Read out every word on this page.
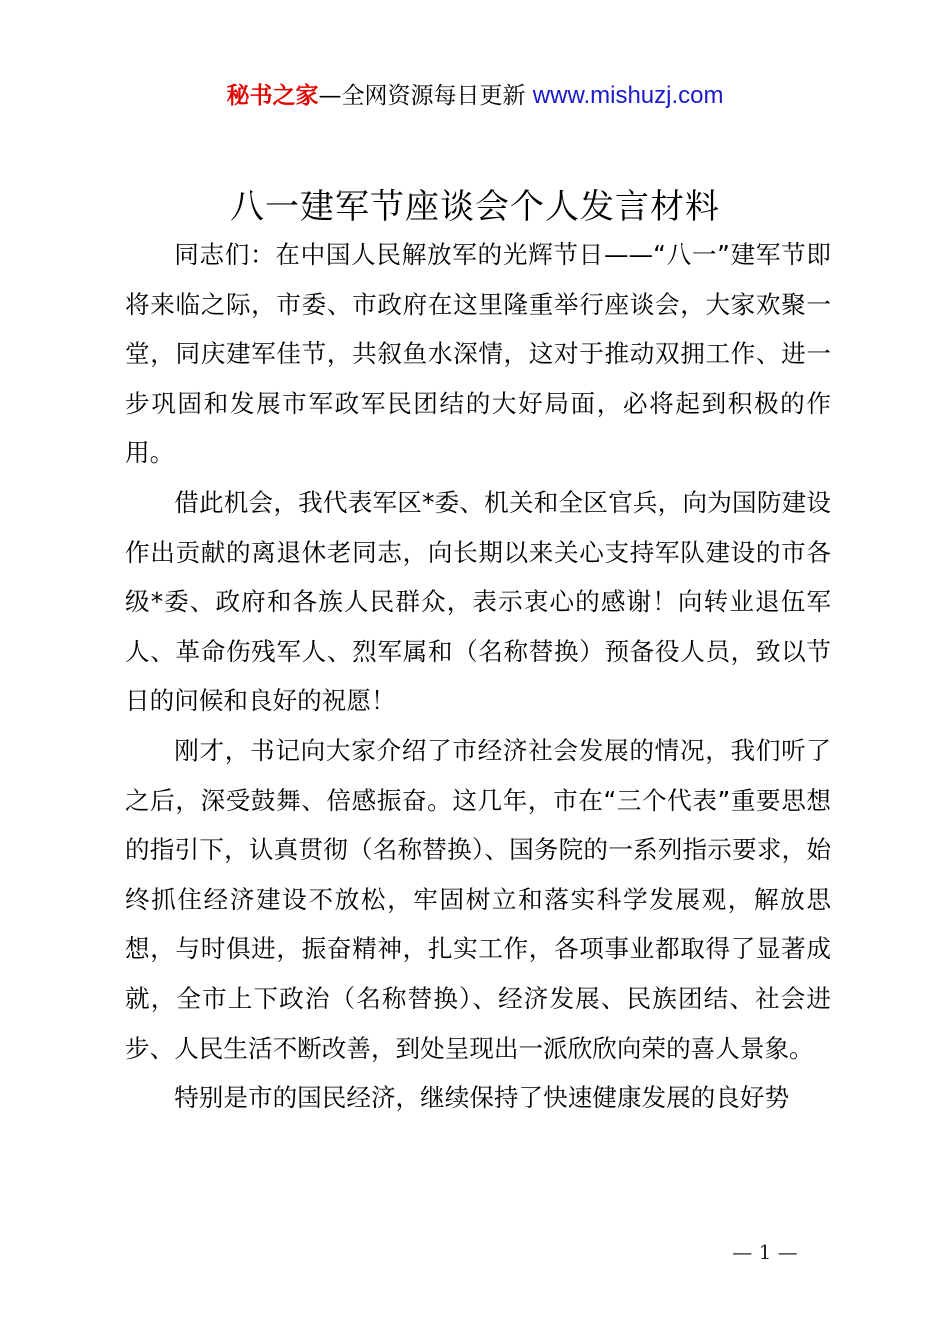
秘书之家—全网资源每日更新 www.mishuzj.com
八一建军节座谈会个人发言材料

同志们：在中国人民解放军的光辉节日——“八一”建军节即将来临之际，市委、市政府在这里隆重举行座谈会，大家欢聚一堂，同庆建军佳节，共叙鱼水深情，这对于推动双拥工作、进一步巩固和发展市军政军民团结的大好局面，必将起到积极的作用。

借此机会，我代表军区*委、机关和全区官兵，向为国防建设作出贡献的离退休老同志，向长期以来关心支持军队建设的市各级*委、政府和各族人民群众，表示衷心的感谢！向转业退伍军人、革命伤残军人、烈军属和（名称替换）预备役人员，致以节日的问候和良好的祝愿！

刚才，书记向大家介绍了市经济社会发展的情况，我们听了之后，深受鼓舞、倍感振奋。这几年，市在“三个代表”重要思想的指引下，认真贯彻（名称替换）、国务院的一系列指示要求，始终抓住经济建设不放松，牢固树立和落实科学发展观，解放思想，与时俱进，振奋精神，扎实工作，各项事业都取得了显著成就，全市上下政治（名称替换）、经济发展、民族团结、社会进步、人民生活不断改善，到处呈现出一派欣欣向荣的喜人景象。

特别是市的国民经济，继续保持了快速健康发展的良好势

— 1 —
